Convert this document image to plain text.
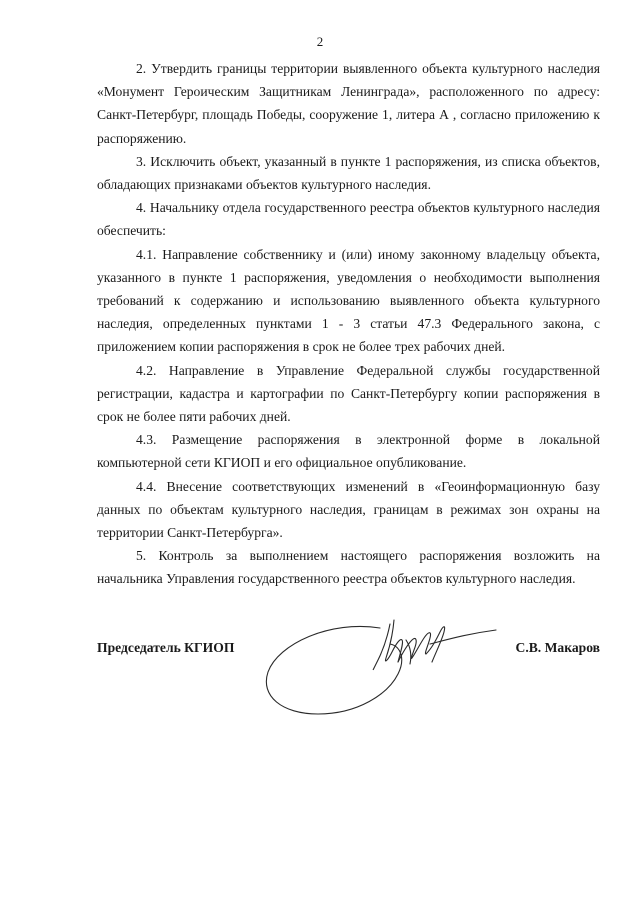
2

2. Утвердить границы территории выявленного объекта культурного наследия «Монумент Героическим Защитникам Ленинграда», расположенного по адресу: Санкт-Петербург, площадь Победы, сооружение 1, литера А , согласно приложению к распоряжению.

3. Исключить объект, указанный в пункте 1 распоряжения, из списка объектов, обладающих признаками объектов культурного наследия.

4. Начальнику отдела государственного реестра объектов культурного наследия обеспечить:

4.1. Направление собственнику и (или) иному законному владельцу объекта, указанного в пункте 1 распоряжения, уведомления о необходимости выполнения требований к содержанию и использованию выявленного объекта культурного наследия, определенных пунктами 1 - 3 статьи 47.3 Федерального закона, с приложением копии распоряжения в срок не более трех рабочих дней.

4.2. Направление в Управление Федеральной службы государственной регистрации, кадастра и картографии по Санкт-Петербургу копии распоряжения в срок не более пяти рабочих дней.

4.3. Размещение распоряжения в электронной форме в локальной компьютерной сети КГИОП и его официальное опубликование.

4.4. Внесение соответствующих изменений в «Геоинформационную базу данных по объектам культурного наследия, границам в режимах зон охраны на территории Санкт-Петербурга».

5. Контроль за выполнением настоящего распоряжения возложить на начальника Управления государственного реестра объектов культурного наследия.

Председатель КГИОП	С.В. Макаров
